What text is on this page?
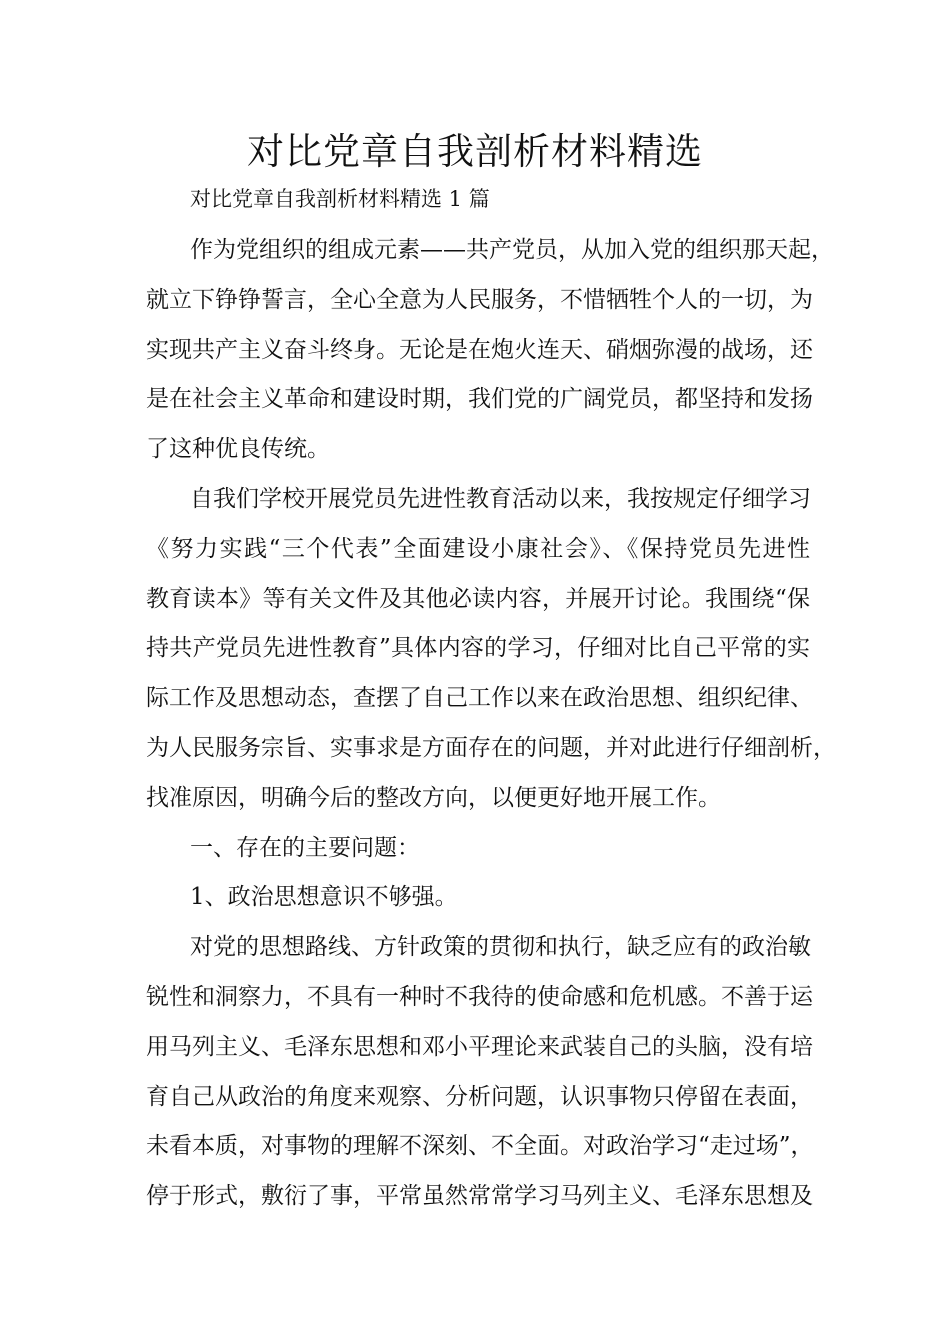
对比党章自我剖析材料精选

对比党章自我剖析材料精选 1 篇

作为党组织的组成元素——共产党员，从加入党的组织那天起，
就立下铮铮誓言，全心全意为人民服务，不惜牺牲个人的一切，为
实现共产主义奋斗终身。无论是在炮火连天、硝烟弥漫的战场，还
是在社会主义革命和建设时期，我们党的广阔党员，都坚持和发扬
了这种优良传统。
自我们学校开展党员先进性教育活动以来，我按规定仔细学习
《努力实践“三个代表”全面建设小康社会》、《保持党员先进性
教育读本》等有关文件及其他必读内容，并展开讨论。我围绕“保
持共产党员先进性教育”具体内容的学习，仔细对比自己平常的实
际工作及思想动态，查摆了自己工作以来在政治思想、组织纪律、
为人民服务宗旨、实事求是方面存在的问题，并对此进行仔细剖析，
找准原因，明确今后的整改方向，以便更好地开展工作。
一、存在的主要问题：
1、政治思想意识不够强。
对党的思想路线、方针政策的贯彻和执行，缺乏应有的政治敏
锐性和洞察力，不具有一种时不我待的使命感和危机感。不善于运
用马列主义、毛泽东思想和邓小平理论来武装自己的头脑，没有培
育自己从政治的角度来观察、分析问题，认识事物只停留在表面，
未看本质，对事物的理解不深刻、不全面。对政治学习“走过场”，
停于形式，敷衍了事，平常虽然常常学习马列主义、毛泽东思想及
